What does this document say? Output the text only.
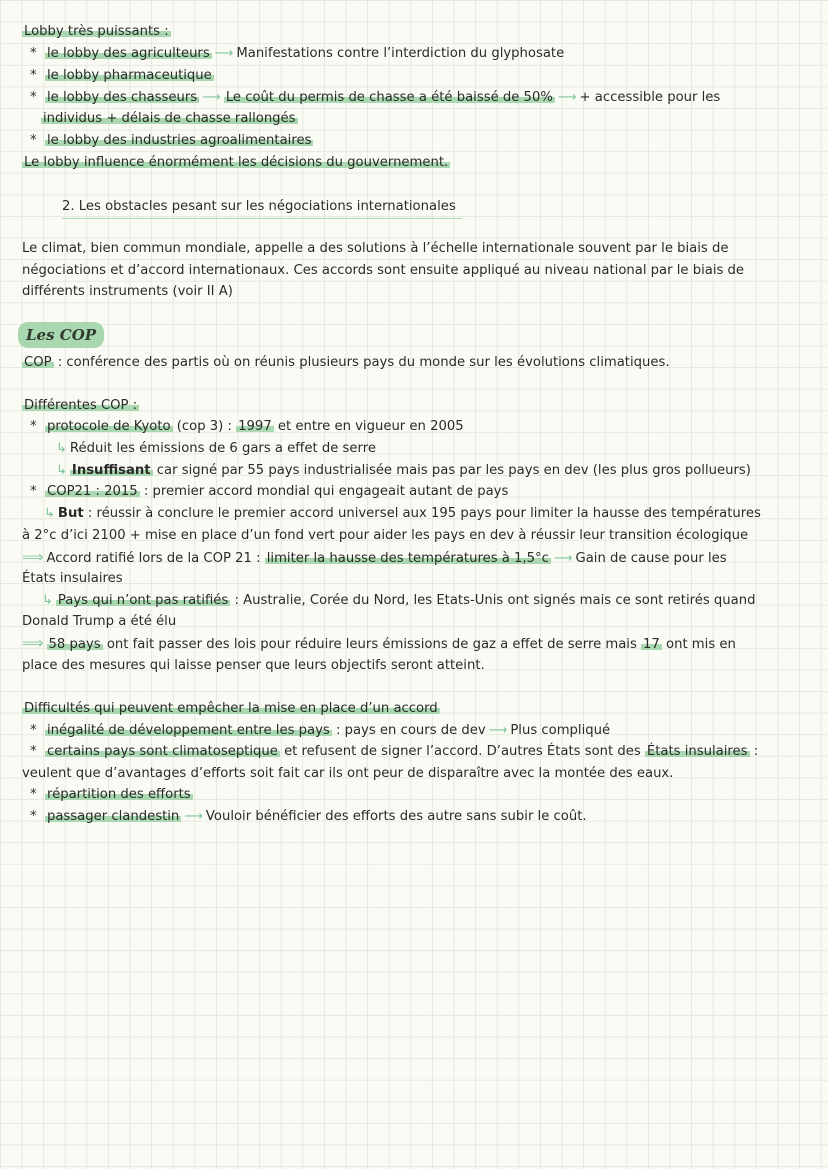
Lobby très puissants :
*  le lobby des agriculteurs ⟶ Manifestations contre l’interdiction du glyphosate
*  le lobby pharmaceutique
*  le lobby des chasseurs ⟶ Le coût du permis de chasse a été baissé de 50% ⟶ + accessible pour les
individus + délais de chasse rallongés
*  le lobby des industries agroalimentaires
Le lobby influence énormément les décisions du gouvernement.
2. Les obstacles pesant sur les négociations internationales
Le climat, bien commun mondiale, appelle a des solutions à l’échelle internationale souvent par le biais de
négociations et d’accord internationaux. Ces accords sont ensuite appliqué au niveau national par le biais de
différents instruments (voir II A)
Les COP
COP : conférence des partis où on réunis plusieurs pays du monde sur les évolutions climatiques.
Différentes COP :
*  protocole de Kyoto (cop 3) : 1997 et entre en vigueur en 2005
↳ Réduit les émissions de 6 gars a effet de serre
↳ Insuffisant car signé par 55 pays industrialisée mais pas par les pays en dev (les plus gros pollueurs)
*  COP21 : 2015 : premier accord mondial qui engageait autant de pays
↳ But : réussir à conclure le premier accord universel aux 195 pays pour limiter la hausse des températures
à 2°c d’ici 2100 + mise en place d’un fond vert pour aider les pays en dev à réussir leur transition écologique
⟹ Accord ratifié lors de la COP 21 : limiter la hausse des températures à 1,5°c ⟶ Gain de cause pour les
États insulaires
↳ Pays qui n’ont pas ratifiés : Australie, Corée du Nord, les Etats-Unis ont signés mais ce sont retirés quand
Donald Trump a été élu
⟹ 58 pays ont fait passer des lois pour réduire leurs émissions de gaz a effet de serre mais 17 ont mis en
place des mesures qui laisse penser que leurs objectifs seront atteint.
Difficultés qui peuvent empêcher la mise en place d’un accord
*  inégalité de développement entre les pays : pays en cours de dev ⟶ Plus compliqué
*  certains pays sont climatoseptique et refusent de signer l’accord. D’autres États sont des États insulaires :
veulent que d’avantages d’efforts soit fait car ils ont peur de disparaître avec la montée des eaux.
*  répartition des efforts
*  passager clandestin ⟶ Vouloir bénéficier des efforts des autre sans subir le coût.
